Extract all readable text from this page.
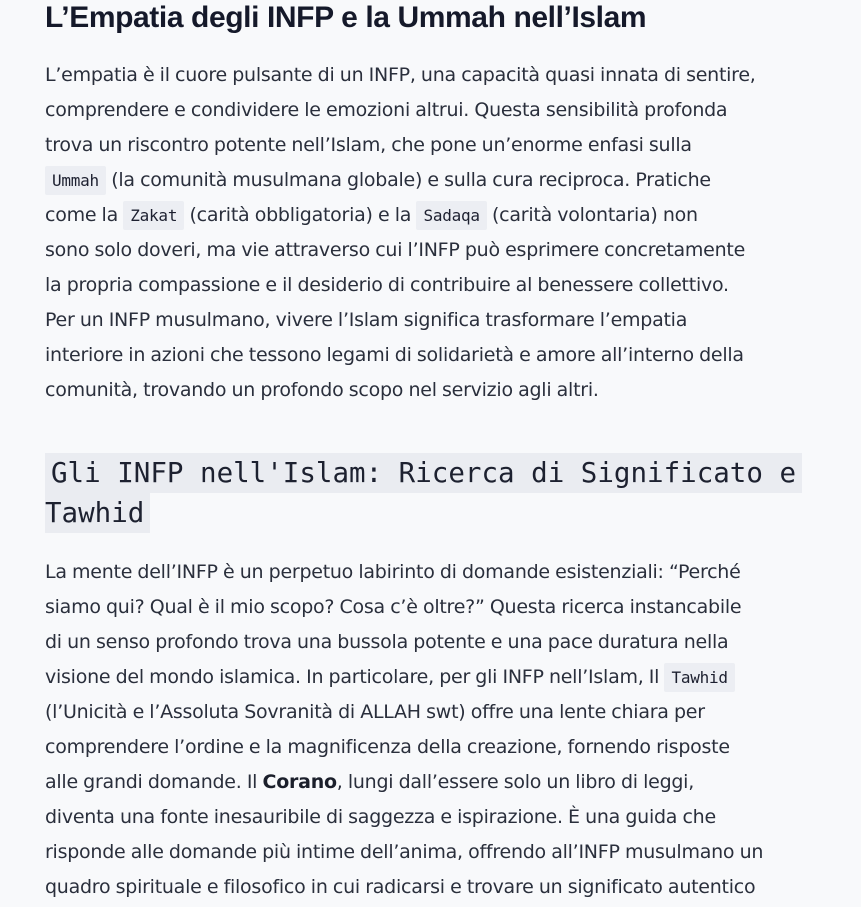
L’Empatia degli INFP e la Ummah nell’Islam

L’empatia è il cuore pulsante di un INFP, una capacità quasi innata di sentire,
comprendere e condividere le emozioni altrui. Questa sensibilità profonda
trova un riscontro potente nell’Islam, che pone un’enorme enfasi sulla
Ummah (la comunità musulmana globale) e sulla cura reciproca. Pratiche
come la Zakat (carità obbligatoria) e la Sadaqa (carità volontaria) non
sono solo doveri, ma vie attraverso cui l’INFP può esprimere concretamente
la propria compassione e il desiderio di contribuire al benessere collettivo.
Per un INFP musulmano, vivere l’Islam significa trasformare l’empatia
interiore in azioni che tessono legami di solidarietà e amore all’interno della
comunità, trovando un profondo scopo nel servizio agli altri.

Gli INFP nell'Islam: Ricerca di Significato e
Tawhid

La mente dell’INFP è un perpetuo labirinto di domande esistenziali: “Perché
siamo qui? Qual è il mio scopo? Cosa c’è oltre?” Questa ricerca instancabile
di un senso profondo trova una bussola potente e una pace duratura nella
visione del mondo islamica. In particolare, per gli INFP nell’Islam, Il Tawhid
(l’Unicità e l’Assoluta Sovranità di ALLAH swt) offre una lente chiara per
comprendere l’ordine e la magnificenza della creazione, fornendo risposte
alle grandi domande. Il Corano, lungi dall’essere solo un libro di leggi,
diventa una fonte inesauribile di saggezza e ispirazione. È una guida che
risponde alle domande più intime dell’anima, offrendo all’INFP musulmano un
quadro spirituale e filosofico in cui radicarsi e trovare un significato autentico
